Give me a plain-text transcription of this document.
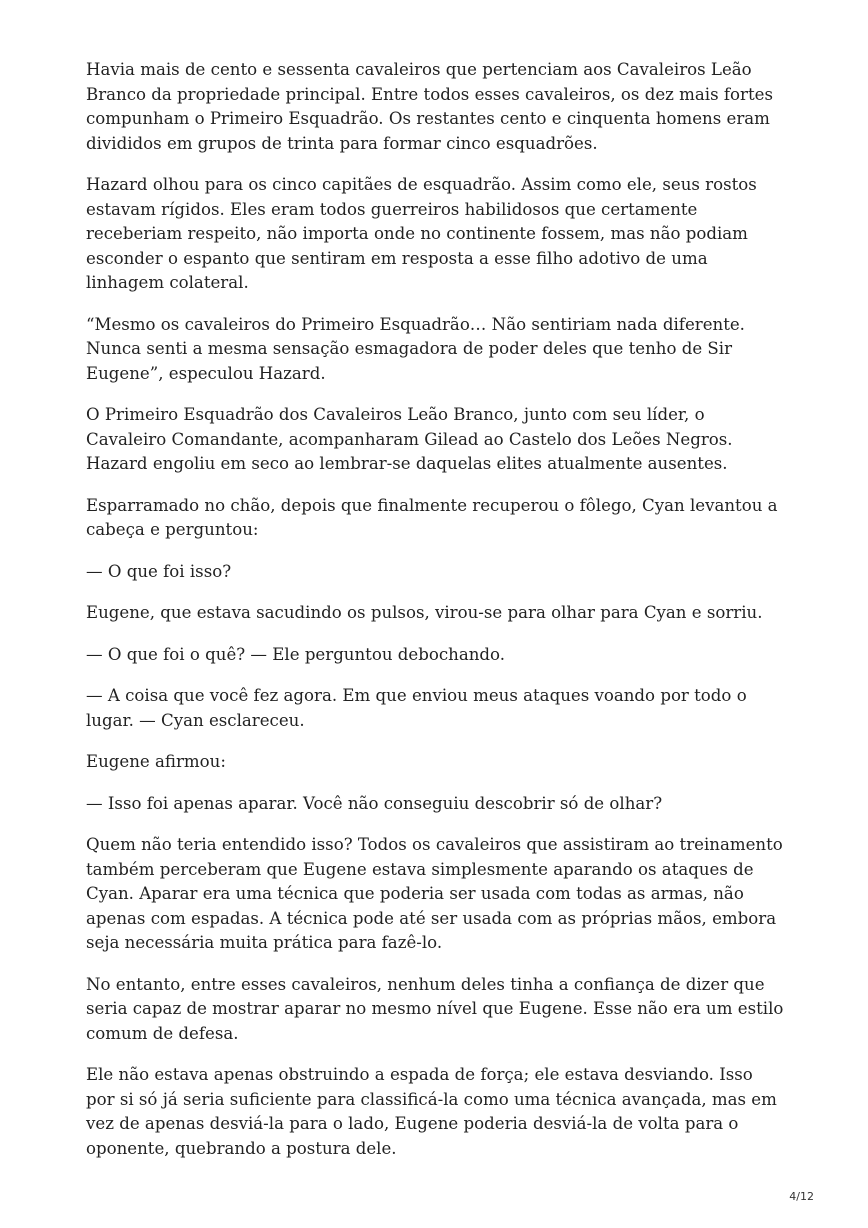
Havia mais de cento e sessenta cavaleiros que pertenciam aos Cavaleiros Leão Branco da propriedade principal. Entre todos esses cavaleiros, os dez mais fortes compunham o Primeiro Esquadrão. Os restantes cento e cinquenta homens eram divididos em grupos de trinta para formar cinco esquadrões.

Hazard olhou para os cinco capitães de esquadrão. Assim como ele, seus rostos estavam rígidos. Eles eram todos guerreiros habilidosos que certamente receberiam respeito, não importa onde no continente fossem, mas não podiam esconder o espanto que sentiram em resposta a esse filho adotivo de uma linhagem colateral.

“Mesmo os cavaleiros do Primeiro Esquadrão… Não sentiriam nada diferente. Nunca senti a mesma sensação esmagadora de poder deles que tenho de Sir Eugene”, especulou Hazard.

O Primeiro Esquadrão dos Cavaleiros Leão Branco, junto com seu líder, o Cavaleiro Comandante, acompanharam Gilead ao Castelo dos Leões Negros. Hazard engoliu em seco ao lembrar-se daquelas elites atualmente ausentes.

Esparramado no chão, depois que finalmente recuperou o fôlego, Cyan levantou a cabeça e perguntou:

— O que foi isso?

Eugene, que estava sacudindo os pulsos, virou-se para olhar para Cyan e sorriu.

— O que foi o quê? — Ele perguntou debochando.

— A coisa que você fez agora. Em que enviou meus ataques voando por todo o lugar. — Cyan esclareceu.

Eugene afirmou:

— Isso foi apenas aparar. Você não conseguiu descobrir só de olhar?

Quem não teria entendido isso? Todos os cavaleiros que assistiram ao treinamento também perceberam que Eugene estava simplesmente aparando os ataques de Cyan. Aparar era uma técnica que poderia ser usada com todas as armas, não apenas com espadas. A técnica pode até ser usada com as próprias mãos, embora seja necessária muita prática para fazê-lo.

No entanto, entre esses cavaleiros, nenhum deles tinha a confiança de dizer que seria capaz de mostrar aparar no mesmo nível que Eugene. Esse não era um estilo comum de defesa.

Ele não estava apenas obstruindo a espada de força; ele estava desviando. Isso por si só já seria suficiente para classificá-la como uma técnica avançada, mas em vez de apenas desviá-la para o lado, Eugene poderia desviá-la de volta para o oponente, quebrando a postura dele.

4/12
